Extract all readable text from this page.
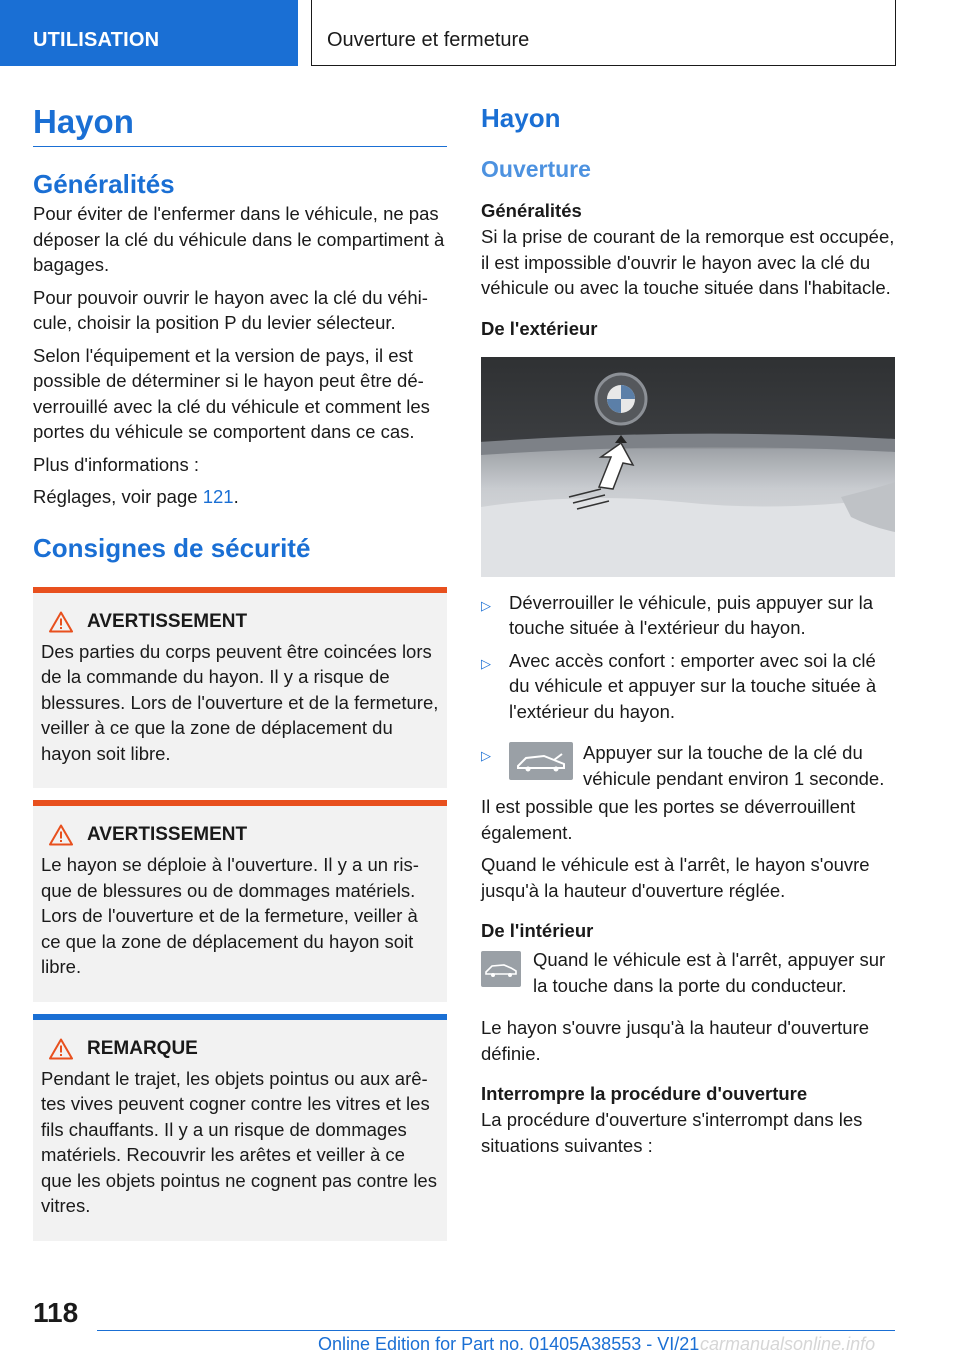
UTILISATION	Ouverture et fermeture
Hayon
Généralités

Pour éviter de l'enfermer dans le véhicule, ne pas déposer la clé du véhicule dans le compartiment à bagages.

Pour pouvoir ouvrir le hayon avec la clé du véhicule, choisir la position P du levier sélecteur.

Selon l'équipement et la version de pays, il est possible de déterminer si le hayon peut être déverrouillé avec la clé du véhicule et comment les portes du véhicule se comportent dans ce cas.

Plus d'informations :

Réglages, voir page 121.

Consignes de sécurité
AVERTISSEMENT

Des parties du corps peuvent être coincées lors de la commande du hayon. Il y a risque de blessures. Lors de l'ouverture et de la fermeture, veiller à ce que la zone de déplacement du hayon soit libre.

AVERTISSEMENT

Le hayon se déploie à l'ouverture. Il y a un risque de blessures ou de dommages matériels. Lors de l'ouverture et de la fermeture, veiller à ce que la zone de déplacement du hayon soit libre.

REMARQUE

Pendant le trajet, les objets pointus ou aux arêtes vives peuvent cogner contre les vitres et les fils chauffants. Il y a un risque de dommages matériels. Recouvrir les arêtes et veiller à ce que les objets pointus ne cognent pas contre les vitres.

Hayon
Ouverture
Généralités

Si la prise de courant de la remorque est occupée, il est impossible d'ouvrir le hayon avec la clé du véhicule ou avec la touche située dans l'habitacle.

De l'extérieur
▷ Déverrouiller le véhicule, puis appuyer sur la touche située à l'extérieur du hayon.
▷ Avec accès confort : emporter avec soi la clé du véhicule et appuyer sur la touche située à l'extérieur du hayon.
▷	Appuyer sur la touche de la clé du véhicule pendant environ 1 seconde.

Il est possible que les portes se déverrouillent également.

Quand le véhicule est à l'arrêt, le hayon s'ouvre jusqu'à la hauteur d'ouverture réglée.

De l'intérieur
Quand le véhicule est à l'arrêt, appuyer sur la touche dans la porte du conducteur.

Le hayon s'ouvre jusqu'à la hauteur d'ouverture définie.

Interrompre la procédure d'ouverture

La procédure d'ouverture s'interrompt dans les situations suivantes :

118
Online Edition for Part no. 01405A38553 - VI/21 carmanualsonline.info
